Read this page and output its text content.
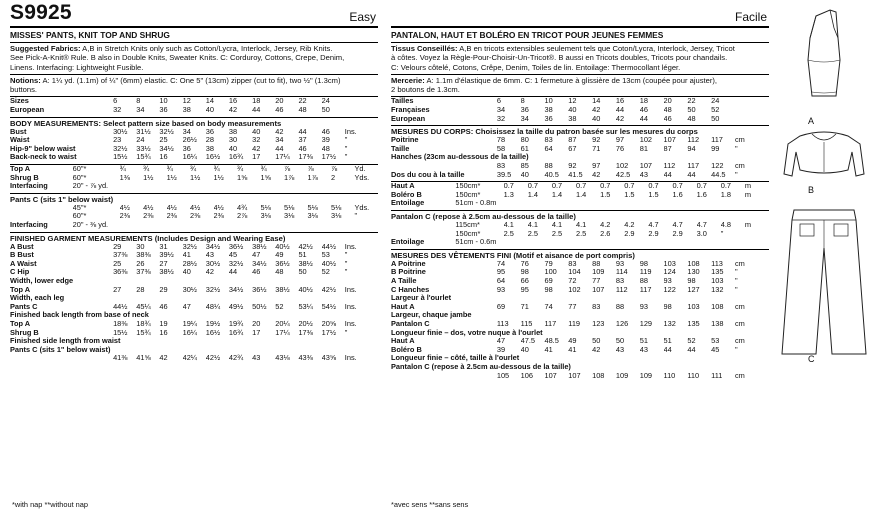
S9925	Easy
MISSES' PANTS, KNIT TOP AND SHRUG
Suggested Fabrics: A,B in Stretch Knits only such as Cotton/Lycra, Interlock, Jersey, Rib Knits.
See Pick-A-Knit® Rule. B also in Double Knits, Sweater Knits. C: Corduroy, Cottons, Crepe, Denim,
Linens. Interfacing: Lightweight Fusible.
Notions: A: 1¼ yd. (1.1m) of ¼" (6mm) elastic. C: One 5" (13cm) zipper (cut to fit), two ½" (1.3cm)
buttons.
Sizes	6	8	10	12	14	16	18	20	22	24	
European	32	34	36	38	40	42	44	46	48	50	
BODY MEASUREMENTS: Select pattern size based on body measurements
Bust	30½	31½	32½	34	36	38	40	42	44	46	Ins.
Waist	23	24	25	26½	28	30	32	34	37	39	"
Hip-9" below waist	32½	33½	34½	36	38	40	42	44	46	48	"
Back-neck to waist	15½	15¾	16	16¼	16½	16¾	17	17¼	17⅜	17½	"
Top A	60"*	¾	¾	¾	¾	¾	¾	¾	⅞	⅞	⅞	Yd.
Shrug B	60"*	1⅜	1½	1½	1½	1½	1⅝	1⅝	1⅞	1⅞	2	Yds.
Interfacing	20" - ⅞ yd.											
Pants C (sits 1" below waist)
	45"*	4½	4½	4½	4½	4½	4¾	5⅛	5⅛	5⅛	5⅛	Yds.
	60"*	2⅜	2⅜	2⅜	2⅜	2⅜	2⅞	3⅛	3⅛	3⅛	3⅛	"
Interfacing	20" - ⅜ yd.											
FINISHED GARMENT MEASUREMENTS (Includes Design and Wearing Ease)
A Bust	29	30	31	32½	34½	36½	38½	40½	42½	44½	Ins.
B Bust	37⅜	38⅜	39½	41	43	45	47	49	51	53	"
A Waist	25	26	27	28½	30½	32½	34½	36½	38½	40½	"
C Hip	36⅜	37⅜	38½	40	42	44	46	48	50	52	"
Width, lower edge											
Top A	27	28	29	30½	32½	34½	36½	38½	40½	42½	Ins.
Width, each leg											
Pants C	44½	45¼	46	47	48¼	49½	50½	52	53¼	54½	Ins.
Finished back length from base of neck											
Top A	18⅜	18¾	19	19¼	19½	19¾	20	20¼	20½	20⅝	Ins.
Shrug B	15½	15¾	16	16¼	16½	16¾	17	17¼	17⅜	17½	"
Finished side length from waist											
Pants C (sits 1" below waist)											
	41⅜	41⅝	42	42¼	42½	42¾	43	43⅛	43⅜	43⅝	Ins.
*with nap **without nap
Facile
PANTALON, HAUT ET BOLÉRO EN TRICOT POUR JEUNES FEMMES
Tissus Conseillés: A,B en tricots extensibles seulement tels que Coton/Lycra, Interlock, Jersey, Tricot
à côtes. Voyez la Règle-Pour-Choisir-Un-Tricot®. B aussi en Tricots doubles, Tricots pour chandails.
C: Velours côtelé, Cotons, Crêpe, Denim, Toiles de lin. Entoilage: Thermocollant léger.
Mercerie: A: 1.1m d'élastique de 6mm. C: 1 fermeture à glissière de 13cm (coupée pour ajuster),
2 boutons de 1.3cm.
Tailles	6	8	10	12	14	16	18	20	22	24	
Françaises	34	36	38	40	42	44	46	48	50	52	
European	32	34	36	38	40	42	44	46	48	50	
MESURES DU CORPS: Choisissez la taille du patron basée sur les mesures du corps
Poitrine	78	80	83	87	92	97	102	107	112	117	cm
Taille	58	61	64	67	71	76	81	87	94	99	"
Hanches (23cm au-dessous de la taille)											
	83	85	88	92	97	102	107	112	117	122	cm
Dos du cou à la taille	39.5	40	40.5	41.5	42	42.5	43	44	44	44.5	"
Haut A	150cm*	0.7	0.7	0.7	0.7	0.7	0.7	0.7	0.7	0.7	0.7	m
Boléro B	150cm*	1.3	1.4	1.4	1.4	1.5	1.5	1.5	1.6	1.6	1.8	m
Entoilage	51cm - 0.8m											
Pantalon C (repose à 2.5cm au-dessous de la taille)
	115cm*	4.1	4.1	4.1	4.1	4.2	4.2	4.7	4.7	4.7	4.8	m
	150cm*	2.5	2.5	2.5	2.5	2.6	2.9	2.9	2.9	3.0	"	
Entoilage	51cm - 0.6m											
MESURES DES VÊTEMENTS FINI (Motif et aisance de port compris)
A Poitrine	74	76	79	83	88	93	98	103	108	113	cm
B Poitrine	95	98	100	104	109	114	119	124	130	135	"
A Taille	64	66	69	72	77	83	88	93	98	103	"
C Hanches	93	95	98	102	107	112	117	122	127	132	"
Largeur à l'ourlet											
Haut A	69	71	74	77	83	88	93	98	103	108	cm
Largeur, chaque jambe											
Pantalon C	113	115	117	119	123	126	129	132	135	138	cm
Longueur finie – dos, votre nuque à l'ourlet											
Haut A	47	47.5	48.5	49	50	50	51	51	52	53	cm
Boléro B	39	40	41	41	42	43	43	44	44	45	"
Longueur finie – côté, taille à l'ourlet											
Pantalon C (repose à 2.5cm au-dessous de la taille)											
	105	106	107	107	108	109	109	110	110	111	cm
*avec sens **sans sens
A
B
C
